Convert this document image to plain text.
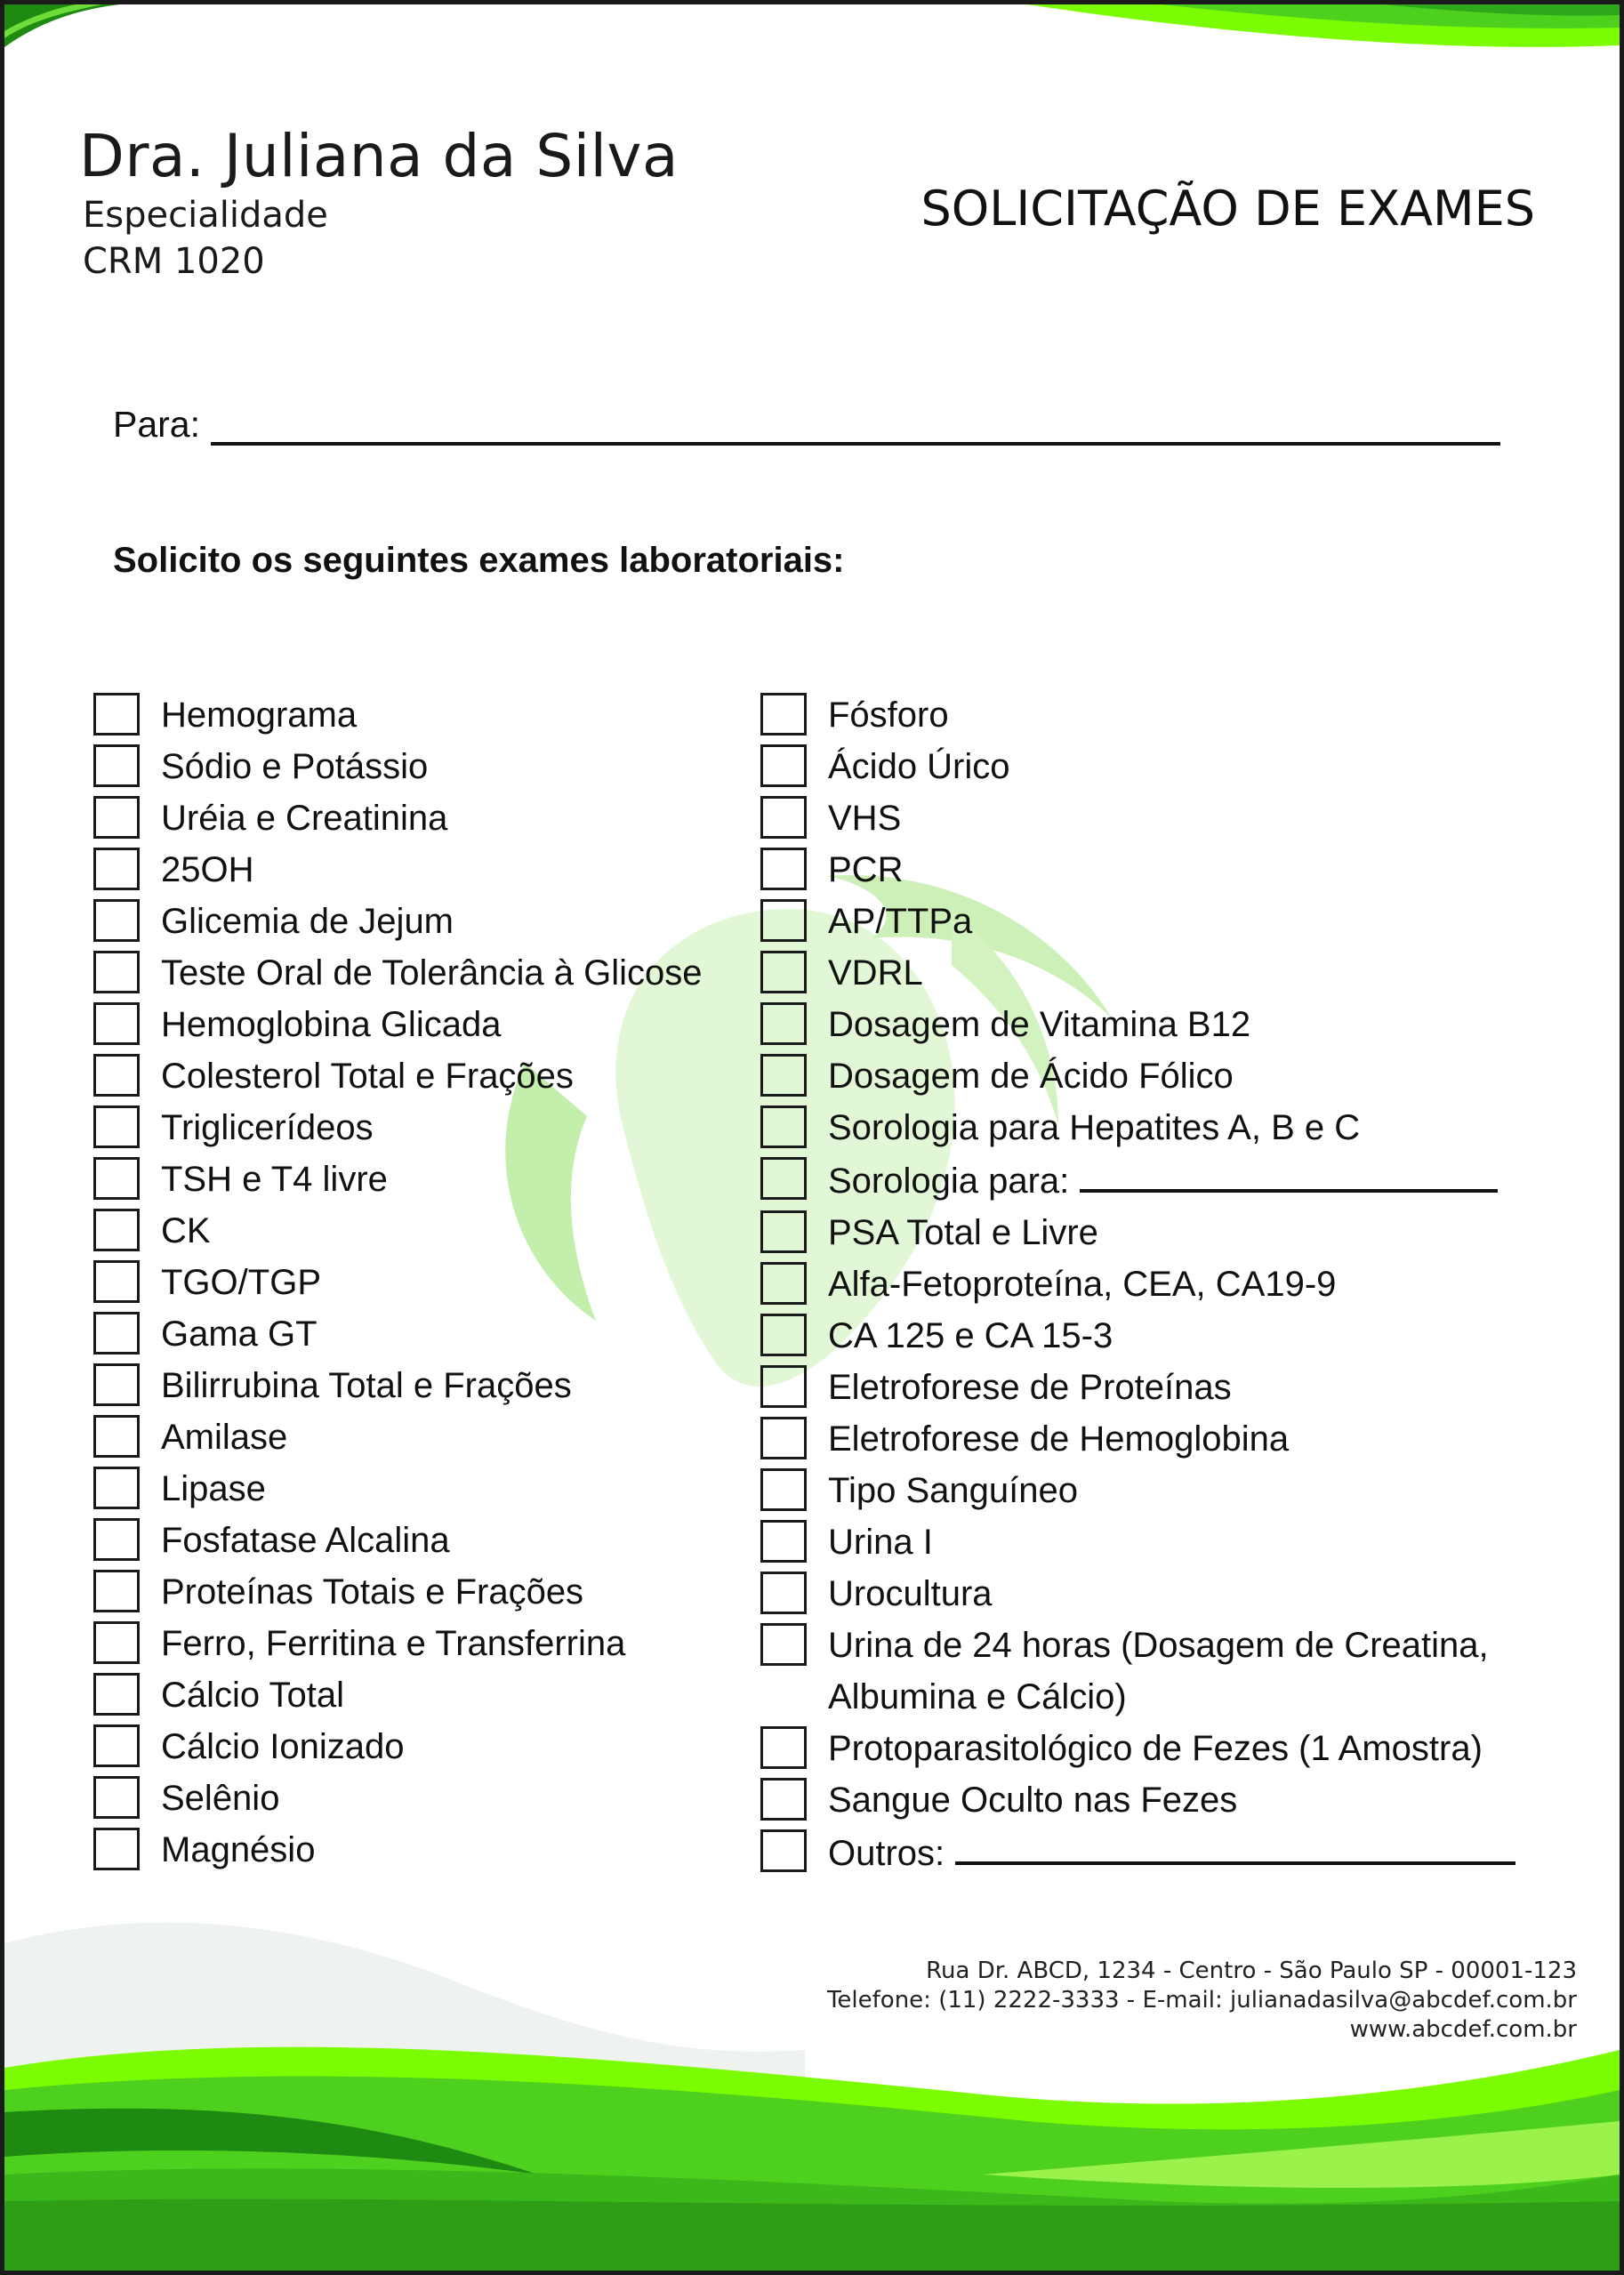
Dra. Juliana da Silva
Especialidade
CRM 1020
SOLICITAÇÃO DE EXAMES
Para:
Solicito os seguintes exames laboratoriais:
Hemograma
Sódio e Potássio
Uréia e Creatinina
25OH
Glicemia de Jejum
Teste Oral de Tolerância à Glicose
Hemoglobina Glicada
Colesterol Total e Frações
Triglicerídeos
TSH e T4 livre
CK
TGO/TGP
Gama GT
Bilirrubina Total e Frações
Amilase
Lipase
Fosfatase Alcalina
Proteínas Totais e Frações
Ferro, Ferritina e Transferrina
Cálcio Total
Cálcio Ionizado
Selênio
Magnésio
Fósforo
Ácido Úrico
VHS
PCR
AP/TTPa
VDRL
Dosagem de Vitamina B12
Dosagem de Ácido Fólico
Sorologia para Hepatites A, B e C
Sorologia para:
PSA Total e Livre
Alfa-Fetoproteína, CEA, CA19-9
CA 125 e CA 15-3
Eletroforese de Proteínas
Eletroforese de Hemoglobina
Tipo Sanguíneo
Urina I
Urocultura
Urina de 24 horas (Dosagem de Creatina, Albumina e Cálcio)
Protoparasitológico de Fezes (1 Amostra)
Sangue Oculto nas Fezes
Outros:
Rua Dr. ABCD, 1234 - Centro - São Paulo SP - 00001-123
Telefone: (11) 2222-3333 - E-mail: julianadasilva@abcdef.com.br
www.abcdef.com.br
